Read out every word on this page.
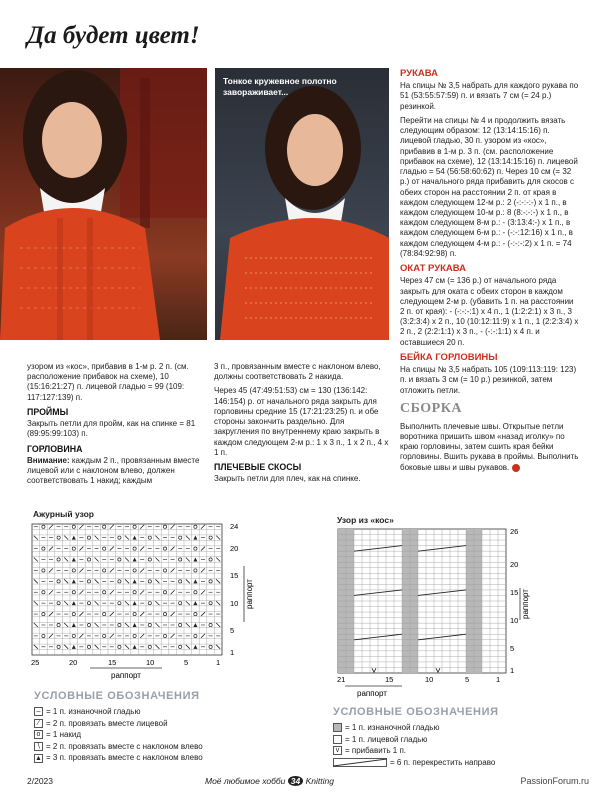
Да будет цвет!
Тонкое кружевное полотно завораживает...

узором из «кос», прибавив в 1-м р. 2 п. (см. расположение прибавок на схеме), 10 (15:16:21:27) п. лицевой гладью = 99 (109: 117:127:139) п.

ПРОЙМЫ

Закрыть петли для пройм, как на спинке = 81 (89:95:99:103) п.

ГОРЛОВИНА

Внимание: каждым 2 п., провязанным вместе лицевой или с наклоном влево, должен соответствовать 1 накид; каждым

3 п., провязанным вместе с наклоном влево, должны соответствовать 2 накида.

Через 45 (47:49:51:53) см = 130 (136:142: 146:154) р. от начального ряда закрыть для горловины средние 15 (17:21:23:25) п. и обе стороны закончить раздельно. Для закругления по внутреннему краю закрыть в каждом следующем 2-м р.: 1 х 3 п., 1 х 2 п., 4 х 1 п.

ПЛЕЧЕВЫЕ СКОСЫ

Закрыть петли для плеч, как на спинке.

РУКАВА

На спицы № 3,5 набрать для каждого рукава по 51 (53:55:57:59) п. и вязать 7 см (= 24 р.) резинкой.

Перейти на спицы № 4 и продолжить вязать следующим образом: 12 (13:14:15:16) п. лицевой гладью, 30 п. узором из «кос», прибавив в 1-м р. 3 п. (см. расположение прибавок на схеме), 12 (13:14:15:16) п. лицевой гладью = 54 (56:58:60:62) п. Через 10 см (= 32 р.) от начального ряда прибавить для скосов с обеих сторон на расстоянии 2 п. от края в каждом следующем 12-м р.: 2 (-:-:-:-) х 1 п., в каждом следующем 10-м р.: 8 (8:-:-:-) х 1 п., в каждом следующем 8-м р.: - (3:13:4:-) х 1 п., в каждом следующем 6-м р.: - (-:-:12:16) х 1 п., в каждом следующем 4-м р.: - (-:-:-:2) х 1 п. = 74 (78:84:92:98) п.

ОКАТ РУКАВА

Через 47 см (= 136 р.) от начального ряда закрыть для оката с обеих сторон в каждом следующем 2-м р. (убавить 1 п. на расстоянии 2 п. от края): - (-:-:-:1) х 4 п., 1 (1:2:2:1) х 3 п., 3 (3:2:3:4) х 2 п., 10 (10:12:11:9) х 1 п., 1 (2:2:3:4) х 2 п., 2 (2:2:1:1) х 3 п., - (-:-:1:1) х 4 п. и оставшиеся 20 п.

БЕЙКА ГОРЛОВИНЫ

На спицы № 3,5 набрать 105 (109:113:119: 123) п. и вязать 3 см (= 10 р.) резинкой, затем отложить петли.

СБОРКА

Выполнить плечевые швы. Открытые петли воротника пришить швом «назад иголку» по краю горловины, затем сшить края бейки горловины. Вшить рукава в проймы. Выполнить боковые швы и швы рукавов.

Ажурный узор
раппорт
раппорт
24
20
15
10
5
1
25	20	15	10	5	1
Узор из «кос»
раппорт
раппорт
26
20
15
10
5
1
21	15	10	5	1
УСЛОВНЫЕ ОБОЗНАЧЕНИЯ
– = 1 п. изнаночной гладью
⁄ = 2 п. провязать вместе лицевой
o = 1 накид
∖ = 2 п. провязать вместе с наклоном влево
▲ = 3 п. провязать вместе с наклоном влево
УСЛОВНЫЕ ОБОЗНАЧЕНИЯ
= 1 п. изнаночной гладью
= 1 п. лицевой гладью
v = прибавить 1 п.
= 6 п. перекрестить направо
2/2023	Моё любимое хобби 34 Knitting	PassionForum.ru
